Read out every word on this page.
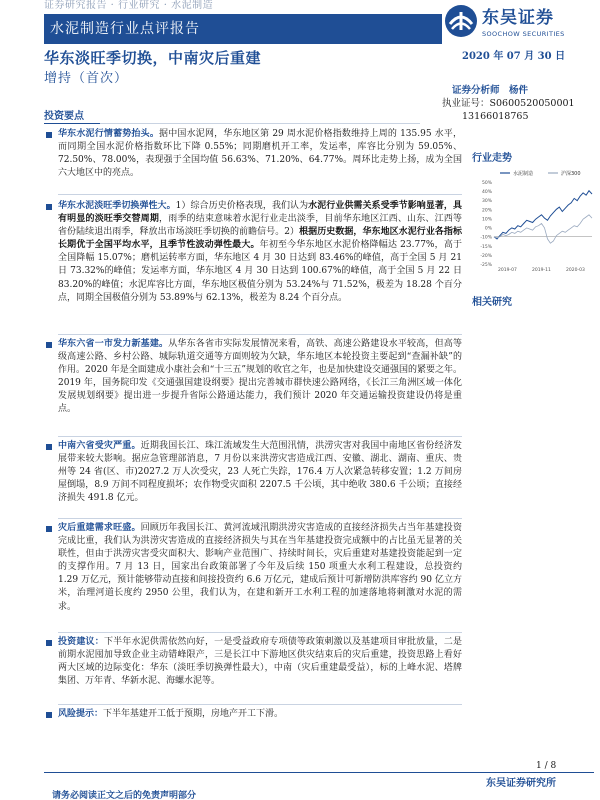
证券研究报告 · 行业研究 · 水泥制造
水泥制造行业点评报告
东吴证券
SOOCHOW SECURITIES
华东淡旺季切换，中南灾后重建	2020 年 07 月 30 日
增持（首次）
证券分析师　杨件
执业证号：S0600520050001
13166018765
投资要点

华东水泥行情蓄势抬头。据中国水泥网，华东地区第 29 周水泥价格指数维持上周的 135.95 水平，而同期全国水泥价格指数环比下降 0.55%；同期磨机开工率，发运率，库容比分别为 59.05%、72.50%、78.00%，表现强于全国均值 56.63%、71.20%、64.77%。周环比走势上扬，成为全国六大地区中的亮点。

华东水泥淡旺季切换弹性大。1）综合历史价格表现，我们认为水泥行业供需关系受季节影响显著，具有明显的淡旺季交替周期，雨季的结束意味着水泥行业走出淡季，目前华东地区江西、山东、江西等省份陆续退出雨季，释放出市场淡旺季切换的前瞻信号。2）根据历史数据，华东地区水泥行业各指标长期优于全国平均水平，且季节性波动弹性最大。年初至今华东地区水泥价格降幅达 23.77%，高于全国降幅 15.07%；磨机运转率方面，华东地区 4 月 30 日达到 83.46%的峰值，高于全国 5 月 21 日 73.32%的峰值；发运率方面，华东地区 4 月 30 日达到 100.67%的峰值，高于全国 5 月 22 日 83.20%的峰值；水泥库容比方面，华东地区极值分别为 53.24%与 71.52%，极差为 18.28 个百分点，同期全国极值分别为 53.89%与 62.13%，极差为 8.24 个百分点。

华东六省一市发力新基建。从华东各省市实际发展情况来看，高铁、高速公路建设水平较高，但高等级高速公路、乡村公路、城际轨道交通等方面则较为欠缺，华东地区本轮投资主要起到“查漏补缺”的作用。2020 年是全面建成小康社会和“十三五”规划的收官之年，也是加快建设交通强国的紧要之年。2019 年，国务院印发《交通强国建设纲要》提出完善城市群快速公路网络，《长江三角洲区域一体化发展规划纲要》提出进一步提升省际公路通达能力，我们预计 2020 年交通运输投资建设仍将是重点。

中南六省受灾严重。近期我国长江、珠江流域发生大范围汛情，洪涝灾害对我国中南地区省份经济发展带来较大影响。据应急管理部消息，7 月份以来洪涝灾害造成江西、安徽、湖北、湖南、重庆、贵州等 24 省(区、市)2027.2 万人次受灾，23 人死亡失踪，176.4 万人次紧急转移安置；1.2 万间房屋倒塌，8.9 万间不同程度损坏；农作物受灾面积 2207.5 千公顷，其中绝收 380.6 千公顷；直接经济损失 491.8 亿元。

灾后重建需求旺盛。回顾历年我国长江、黄河流域汛期洪涝灾害造成的直接经济损失占当年基建投资完成比重，我们认为洪涝灾害造成的直接经济损失与其在当年基建投资完成额中的占比虽无显著的关联性，但由于洪涝灾害受灾面积大、影响产业范围广、持续时间长，灾后重建对基建投资能起到一定的支撑作用。7 月 13 日，国家出台政策部署了今年及后续 150 项重大水利工程建设，总投资约 1.29 万亿元，预计能够带动直接和间接投资约 6.6 万亿元，建成后预计可新增防洪库容约 90 亿立方米，治理河道长度约 2950 公里，我们认为，在建和新开工水利工程的加速落地将刺激对水泥的需求。

投资建议：下半年水泥供需依然向好，一是受益政府专项债等政策刺激以及基建项目审批放量，二是前期水泥囤加导致企业主动错峰限产，三是长江中下游地区供灾结束后的灾后重建，投资思路上看好两大区域的边际变化：华东（淡旺季切换弹性最大），中南（灾后重建最受益），标的上峰水泥、塔牌集团、万年青、华新水泥、海螺水泥等。

风险提示：下半年基建开工低于预期，房地产开工下滑。

行业走势
50%
40%
30%
20%
10%
0%
-10%
-15%
-20%
-25%
2019-07	2019-11	2020-03
水泥制造	沪深300
相关研究
1 / 8
东吴证券研究所
请务必阅读正文之后的免责声明部分
